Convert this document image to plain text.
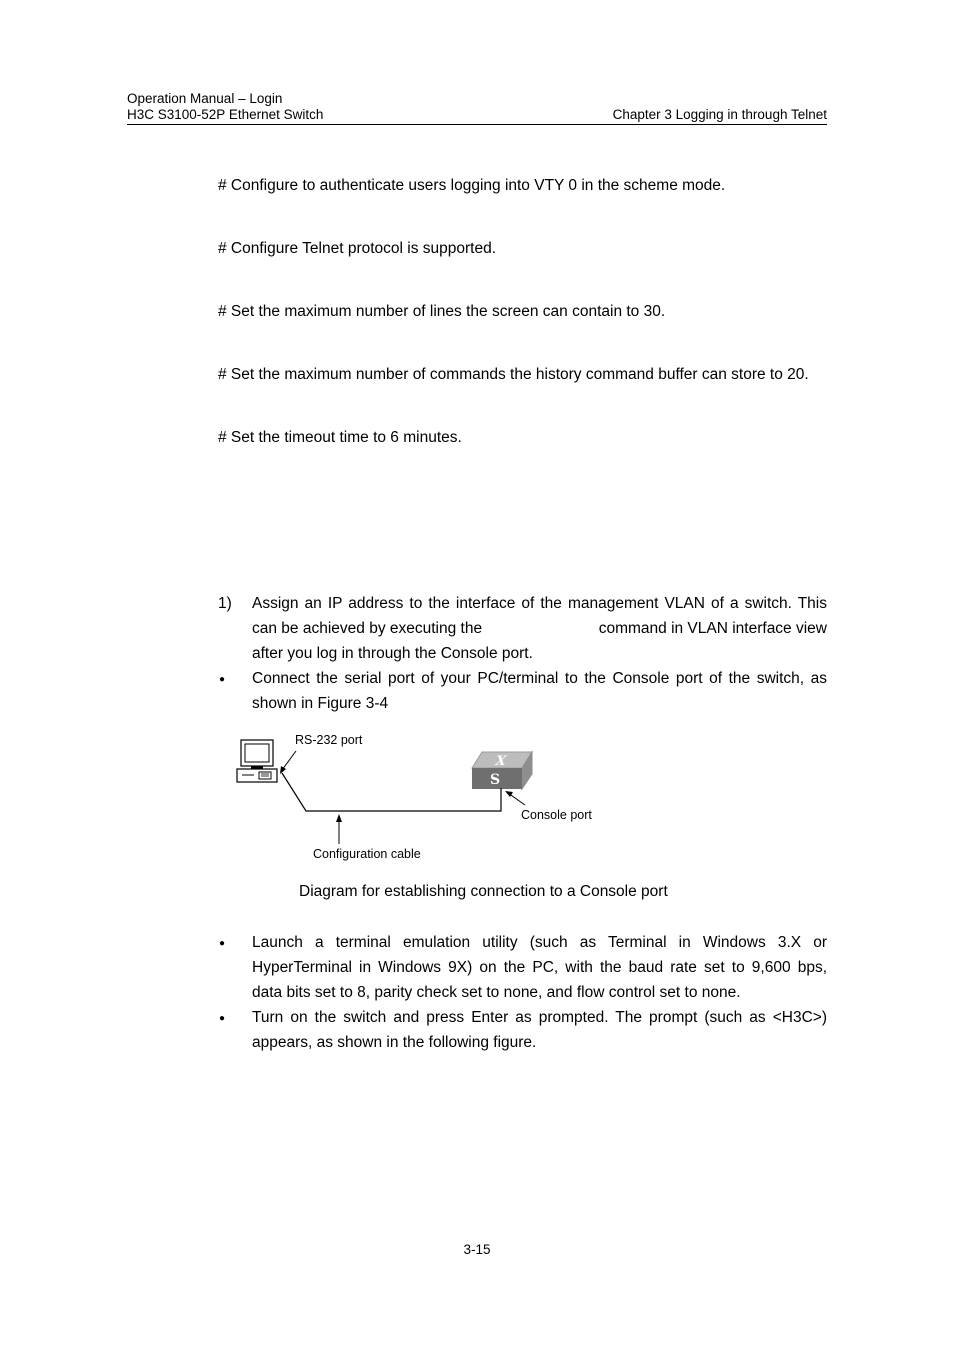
Operation Manual – Login
H3C S3100-52P Ethernet Switch	Chapter 3 Logging in through Telnet
# Configure to authenticate users logging into VTY 0 in the scheme mode.
# Configure Telnet protocol is supported.
# Set the maximum number of lines the screen can contain to 30.
# Set the maximum number of commands the history command buffer can store to 20.
# Set the timeout time to 6 minutes.
1) Assign an IP address to the interface of the management VLAN of a switch. This
can be achieved by executing the	command in VLAN interface view
after you log in through the Console port.
● Connect the serial port of your PC/terminal to the Console port of the switch, as
shown in Figure 3-4
X
S
RS-232 port
Console port
Configuration cable
Diagram for establishing connection to a Console port
● Launch a terminal emulation utility (such as Terminal in Windows 3.X or
HyperTerminal in Windows 9X) on the PC, with the baud rate set to 9,600 bps,
data bits set to 8, parity check set to none, and flow control set to none.
● Turn on the switch and press Enter as prompted. The prompt (such as <H3C>)
appears, as shown in the following figure.
3-15
